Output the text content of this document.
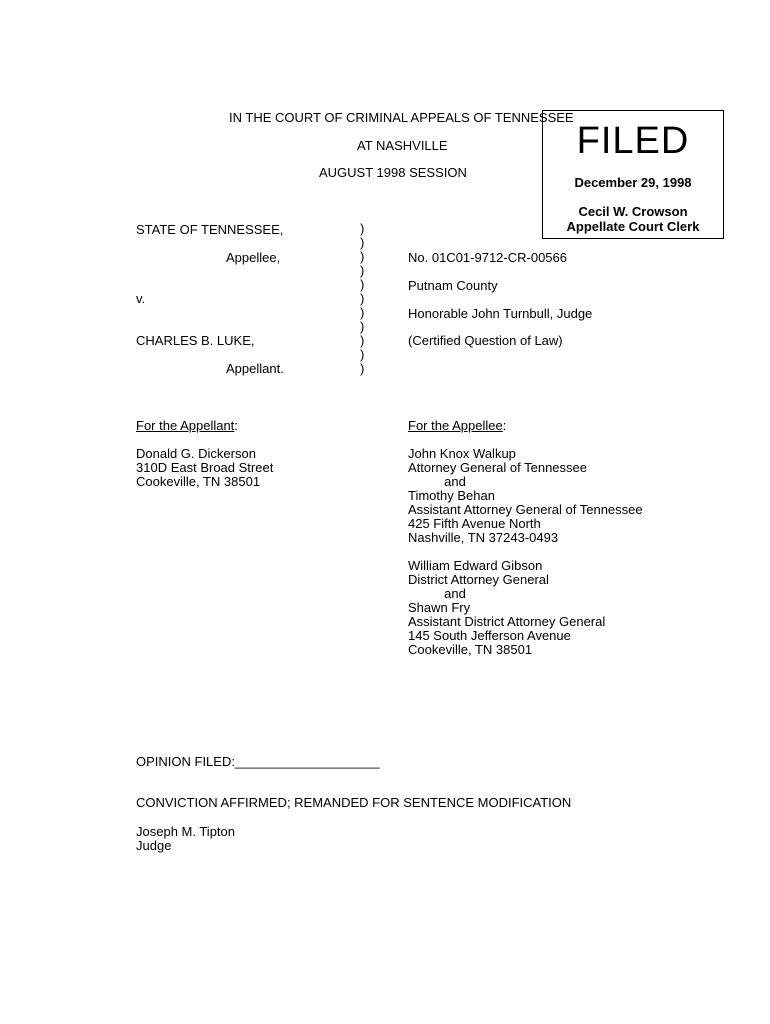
IN THE COURT OF CRIMINAL APPEALS OF TENNESSEE
AT NASHVILLE
AUGUST 1998 SESSION
FILED
December 29, 1998
Cecil W. Crowson
Appellate Court Clerk
STATE OF TENNESSEE,
Appellee,
v.
CHARLES B. LUKE,
Appellant.
)
)
)
)
)
)
)
)
)
)
)
No. 01C01-9712-CR-00566
Putnam County
Honorable John Turnbull, Judge
(Certified Question of Law)
For the Appellant:
Donald G. Dickerson
310D East Broad Street
Cookeville, TN 38501
For the Appellee:
John Knox Walkup
Attorney General of Tennessee
and
Timothy Behan
Assistant Attorney General of Tennessee
425 Fifth Avenue North
Nashville, TN 37243-0493
William Edward Gibson
District Attorney General
and
Shawn Fry
Assistant District Attorney General
145 South Jefferson Avenue
Cookeville, TN 38501
OPINION FILED:____________________
CONVICTION AFFIRMED; REMANDED FOR SENTENCE MODIFICATION
Joseph M. Tipton
Judge
